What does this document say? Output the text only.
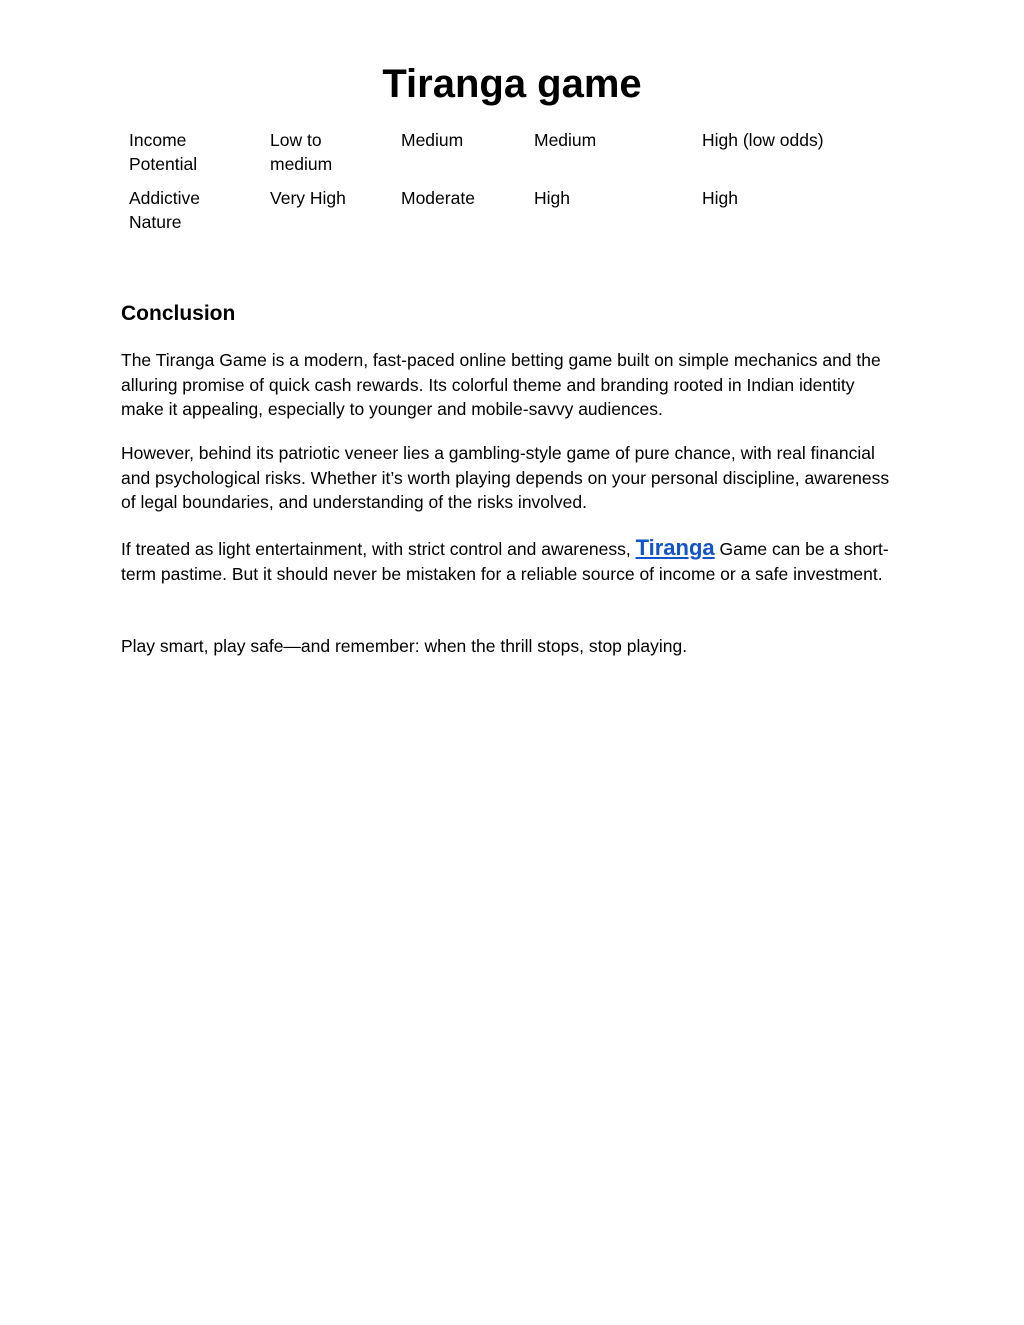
Tiranga game
Income Potential	Low to medium	Medium	Medium	High (low odds)
Addictive Nature	Very High	Moderate	High	High
Conclusion

The Tiranga Game is a modern, fast-paced online betting game built on simple mechanics and the alluring promise of quick cash rewards. Its colorful theme and branding rooted in Indian identity make it appealing, especially to younger and mobile-savvy audiences.

However, behind its patriotic veneer lies a gambling-style game of pure chance, with real financial and psychological risks. Whether it’s worth playing depends on your personal discipline, awareness of legal boundaries, and understanding of the risks involved.

If treated as light entertainment, with strict control and awareness, Tiranga Game can be a short-term pastime. But it should never be mistaken for a reliable source of income or a safe investment.

Play smart, play safe—and remember: when the thrill stops, stop playing.
